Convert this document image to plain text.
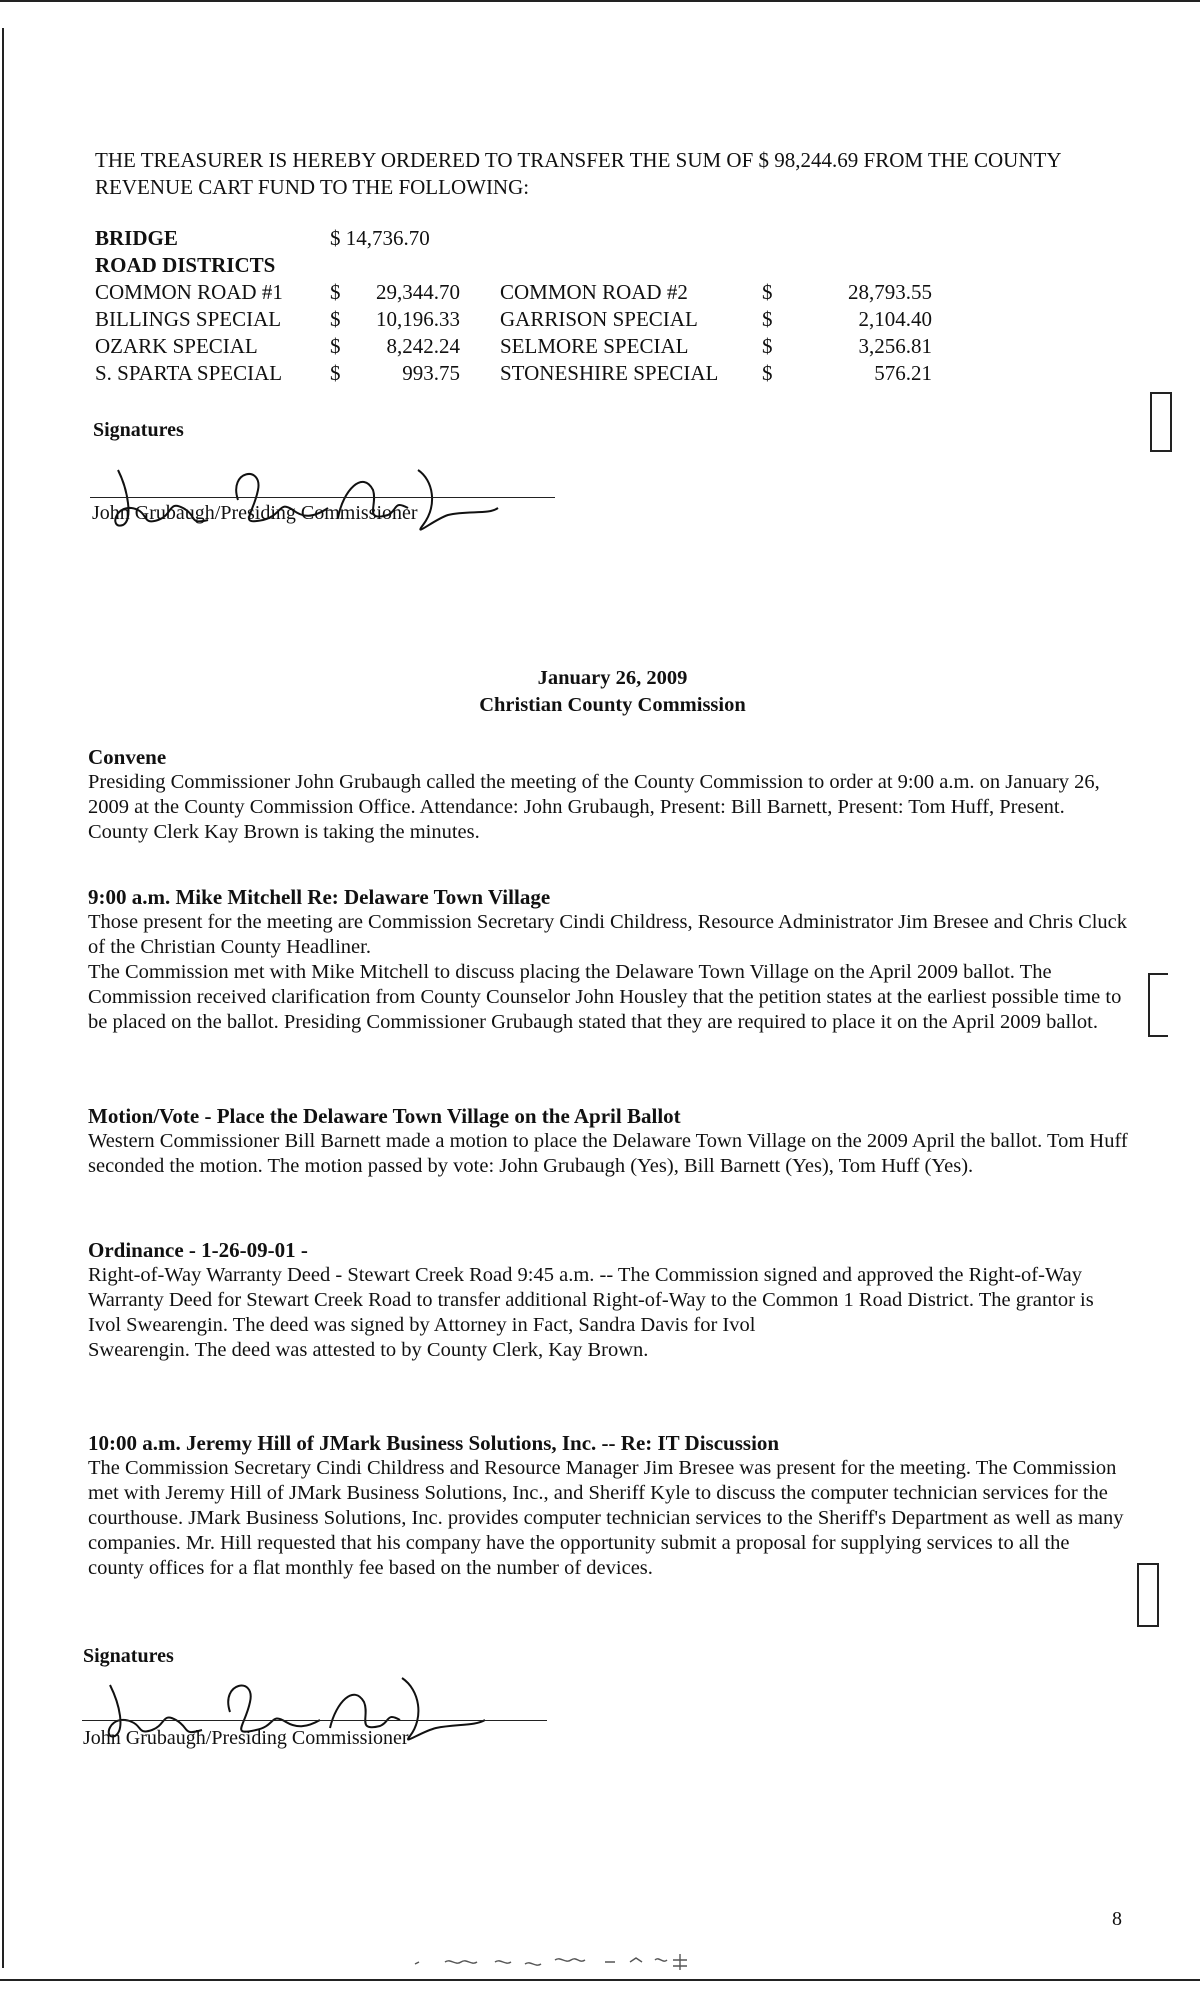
THE TREASURER IS HEREBY ORDERED TO TRANSFER THE SUM OF $ 98,244.69 FROM THE COUNTY REVENUE CART FUND TO THE FOLLOWING:
BRIDGE	$ 14,736.70					
ROAD DISTRICTS						
COMMON ROAD #1	$	29,344.70		COMMON ROAD #2	$	28,793.55
BILLINGS SPECIAL	$	10,196.33		GARRISON SPECIAL	$	2,104.40
OZARK SPECIAL	$	8,242.24		SELMORE SPECIAL	$	3,256.81
S. SPARTA SPECIAL	$	993.75		STONESHIRE SPECIAL	$	576.21
Signatures
John Grubaugh/Presiding Commissioner
January 26, 2009
Christian County Commission
Convene
Presiding Commissioner John Grubaugh called the meeting of the County Commission to order at 9:00 a.m. on January 26, 2009 at the County Commission Office. Attendance: John Grubaugh, Present: Bill Barnett, Present: Tom Huff, Present. County Clerk Kay Brown is taking the minutes.
9:00 a.m. Mike Mitchell Re: Delaware Town Village
Those present for the meeting are Commission Secretary Cindi Childress, Resource Administrator Jim Bresee and Chris Cluck of the Christian County Headliner.
The Commission met with Mike Mitchell to discuss placing the Delaware Town Village on the April 2009 ballot. The Commission received clarification from County Counselor John Housley that the petition states at the earliest possible time to be placed on the ballot. Presiding Commissioner Grubaugh stated that they are required to place it on the April 2009 ballot.
Motion/Vote - Place the Delaware Town Village on the April Ballot
Western Commissioner Bill Barnett made a motion to place the Delaware Town Village on the 2009 April the ballot. Tom Huff seconded the motion. The motion passed by vote: John Grubaugh (Yes), Bill Barnett (Yes), Tom Huff (Yes).
Ordinance - 1-26-09-01 -
Right-of-Way Warranty Deed - Stewart Creek Road 9:45 a.m. -- The Commission signed and approved the Right-of-Way Warranty Deed for Stewart Creek Road to transfer additional Right-of-Way to the Common 1 Road District. The grantor is Ivol Swearengin. The deed was signed by Attorney in Fact, Sandra Davis for Ivol
Swearengin. The deed was attested to by County Clerk, Kay Brown.
10:00 a.m. Jeremy Hill of JMark Business Solutions, Inc. -- Re: IT Discussion
The Commission Secretary Cindi Childress and Resource Manager Jim Bresee was present for the meeting. The Commission met with Jeremy Hill of JMark Business Solutions, Inc., and Sheriff Kyle to discuss the computer technician services for the courthouse. JMark Business Solutions, Inc. provides computer technician services to the Sheriff's Department as well as many companies. Mr. Hill requested that his company have the opportunity submit a proposal for supplying services to all the county offices for a flat monthly fee based on the number of devices.
Signatures
John Grubaugh/Presiding Commissioner
8
